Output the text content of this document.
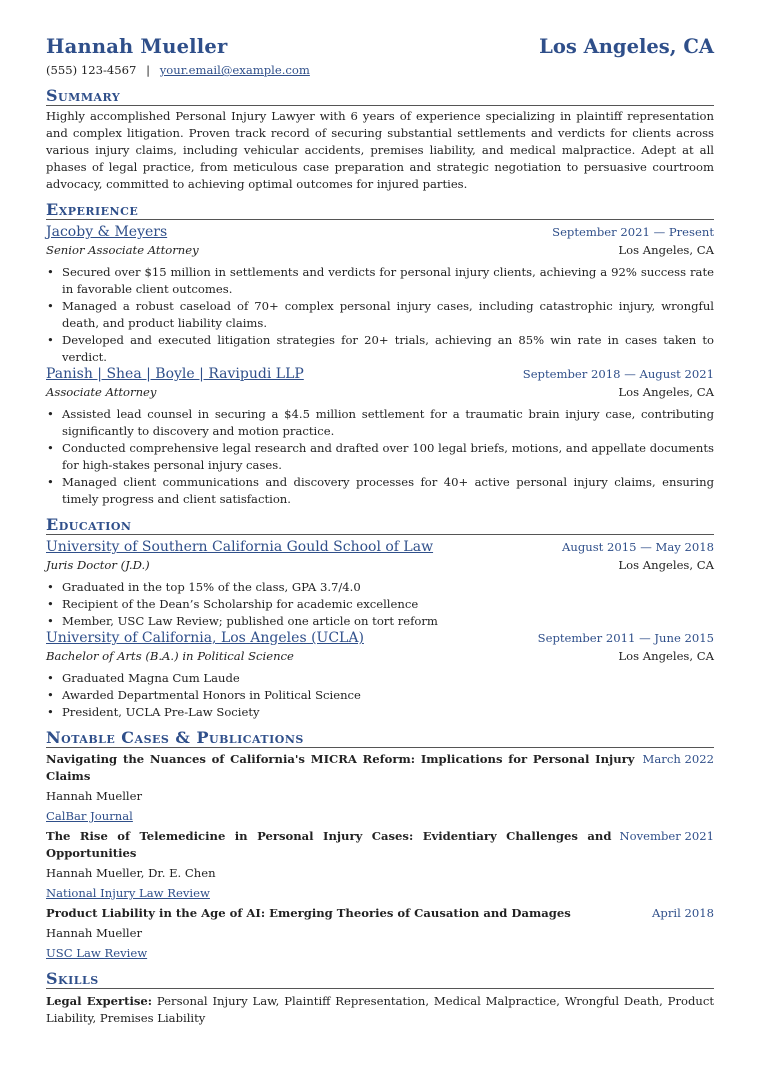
Hannah Mueller	Los Angeles, CA
(555) 123-4567 | your.email@example.com
Summary
Highly accomplished Personal Injury Lawyer with 6 years of experience specializing in plaintiff representation and complex litigation. Proven track record of securing substantial settlements and verdicts for clients across various injury claims, including vehicular accidents, premises liability, and medical malpractice. Adept at all phases of legal practice, from meticulous case preparation and strategic negotiation to persuasive courtroom advocacy, committed to achieving optimal outcomes for injured parties.
Experience
Jacoby & Meyers	September 2021 — Present
Senior Associate Attorney	Los Angeles, CA
• Secured over $15 million in settlements and verdicts for personal injury clients, achieving a 92% success rate in favorable client outcomes.
• Managed a robust caseload of 70+ complex personal injury cases, including catastrophic injury, wrongful death, and product liability claims.
• Developed and executed litigation strategies for 20+ trials, achieving an 85% win rate in cases taken to verdict.
Panish | Shea | Boyle | Ravipudi LLP	September 2018 — August 2021
Associate Attorney	Los Angeles, CA
• Assisted lead counsel in securing a $4.5 million settlement for a traumatic brain injury case, contributing significantly to discovery and motion practice.
• Conducted comprehensive legal research and drafted over 100 legal briefs, motions, and appellate documents for high-stakes personal injury cases.
• Managed client communications and discovery processes for 40+ active personal injury claims, ensuring timely progress and client satisfaction.
Education
University of Southern California Gould School of Law	August 2015 — May 2018
Juris Doctor (J.D.)	Los Angeles, CA
• Graduated in the top 15% of the class, GPA 3.7/4.0
• Recipient of the Dean’s Scholarship for academic excellence
• Member, USC Law Review; published one article on tort reform
University of California, Los Angeles (UCLA)	September 2011 — June 2015
Bachelor of Arts (B.A.) in Political Science	Los Angeles, CA
• Graduated Magna Cum Laude
• Awarded Departmental Honors in Political Science
• President, UCLA Pre-Law Society
Notable Cases & Publications
Navigating the Nuances of California's MICRA Reform: Implications for Personal Injury Claims
March 2022
Hannah Mueller
CalBar Journal
The Rise of Telemedicine in Personal Injury Cases: Evidentiary Challenges and Opportunities
November 2021
Hannah Mueller, Dr. E. Chen
National Injury Law Review
Product Liability in the Age of AI: Emerging Theories of Causation and Damages	April 2018
Hannah Mueller
USC Law Review
Skills
Legal Expertise: Personal Injury Law, Plaintiff Representation, Medical Malpractice, Wrongful Death, Product Liability, Premises Liability
